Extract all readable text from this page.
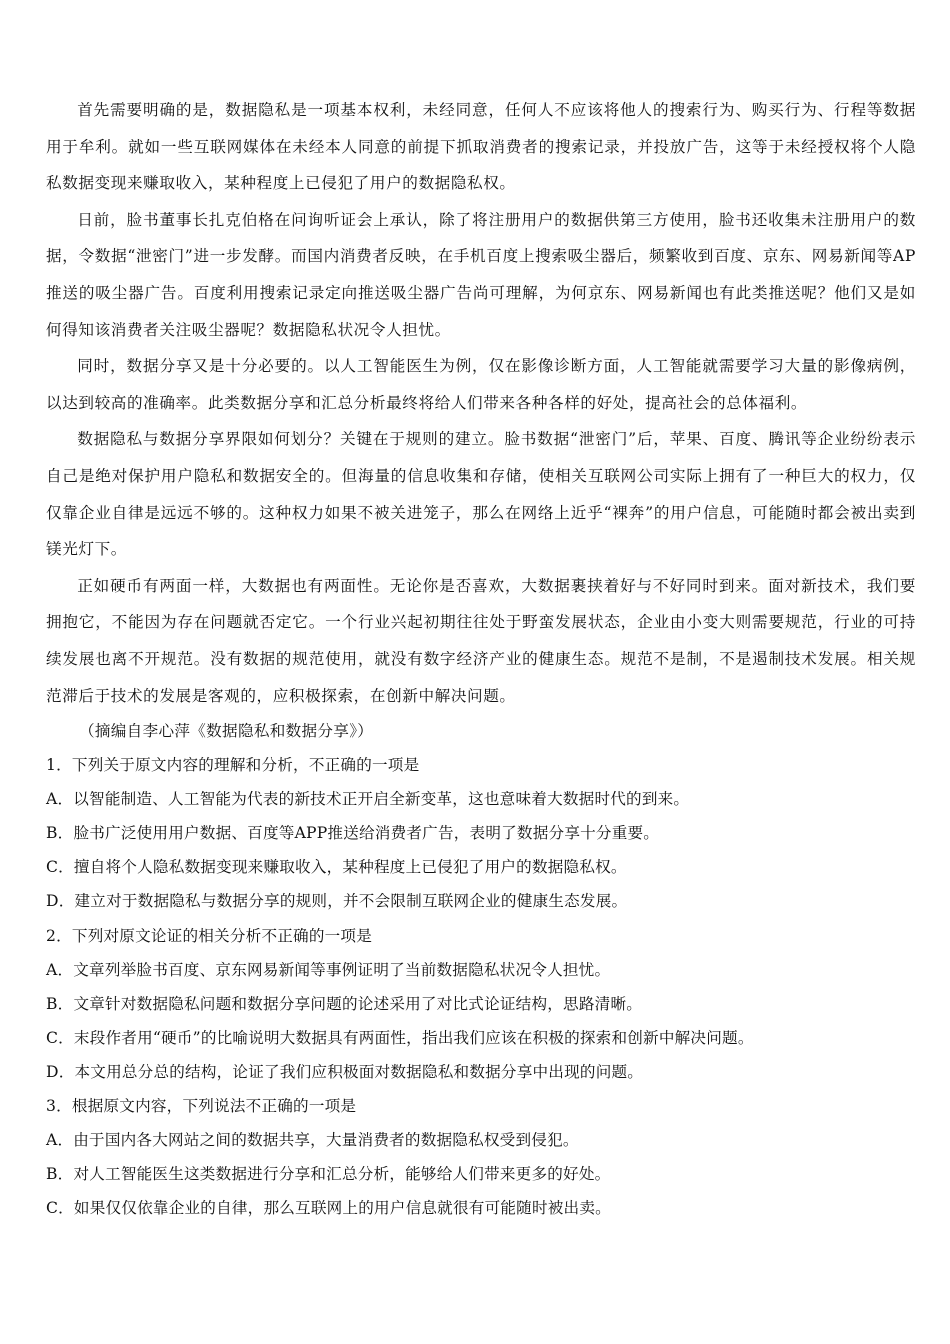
首先需要明确的是，数据隐私是一项基本权利，未经同意，任何人不应该将他人的搜索行为、购买行为、行程等数据用于牟利。就如一些互联网媒体在未经本人同意的前提下抓取消费者的搜索记录，并投放广告，这等于未经授权将个人隐私数据变现来赚取收入，某种程度上已侵犯了用户的数据隐私权。

日前，脸书董事长扎克伯格在问询听证会上承认，除了将注册用户的数据供第三方使用，脸书还收集未注册用户的数据，令数据“泄密门”进一步发酵。而国内消费者反映，在手机百度上搜索吸尘器后，频繁收到百度、京东、网易新闻等AP推送的吸尘器广告。百度利用搜索记录定向推送吸尘器广告尚可理解，为何京东、网易新闻也有此类推送呢？他们又是如何得知该消费者关注吸尘器呢？数据隐私状况令人担忧。

同时，数据分享又是十分必要的。以人工智能医生为例，仅在影像诊断方面，人工智能就需要学习大量的影像病例，以达到较高的准确率。此类数据分享和汇总分析最终将给人们带来各种各样的好处，提高社会的总体福利。

数据隐私与数据分享界限如何划分？关键在于规则的建立。脸书数据“泄密门”后，苹果、百度、腾讯等企业纷纷表示自己是绝对保护用户隐私和数据安全的。但海量的信息收集和存储，使相关互联网公司实际上拥有了一种巨大的权力，仅仅靠企业自律是远远不够的。这种权力如果不被关进笼子，那么在网络上近乎“裸奔”的用户信息，可能随时都会被出卖到镁光灯下。

正如硬币有两面一样，大数据也有两面性。无论你是否喜欢，大数据裹挟着好与不好同时到来。面对新技术，我们要拥抱它，不能因为存在问题就否定它。一个行业兴起初期往往处于野蛮发展状态，企业由小变大则需要规范，行业的可持续发展也离不开规范。没有数据的规范使用，就没有数字经济产业的健康生态。规范不是制，不是遏制技术发展。相关规范滞后于技术的发展是客观的，应积极探索，在创新中解决问题。

（摘编自李心萍《数据隐私和数据分享》）

1．下列关于原文内容的理解和分析，不正确的一项是

A．以智能制造、人工智能为代表的新技术正开启全新变革，这也意味着大数据时代的到来。

B．脸书广泛使用用户数据、百度等APP推送给消费者广告，表明了数据分享十分重要。

C．擅自将个人隐私数据变现来赚取收入，某种程度上已侵犯了用户的数据隐私权。

D．建立对于数据隐私与数据分享的规则，并不会限制互联网企业的健康生态发展。

2．下列对原文论证的相关分析不正确的一项是

A．文章列举脸书百度、京东网易新闻等事例证明了当前数据隐私状况令人担忧。

B．文章针对数据隐私问题和数据分享问题的论述采用了对比式论证结构，思路清晰。

C．末段作者用“硬币”的比喻说明大数据具有两面性，指出我们应该在积极的探索和创新中解决问题。

D．本文用总分总的结构，论证了我们应积极面对数据隐私和数据分享中出现的问题。

3．根据原文内容，下列说法不正确的一项是

A．由于国内各大网站之间的数据共享，大量消费者的数据隐私权受到侵犯。

B．对人工智能医生这类数据进行分享和汇总分析，能够给人们带来更多的好处。

C．如果仅仅依靠企业的自律，那么互联网上的用户信息就很有可能随时被出卖。
